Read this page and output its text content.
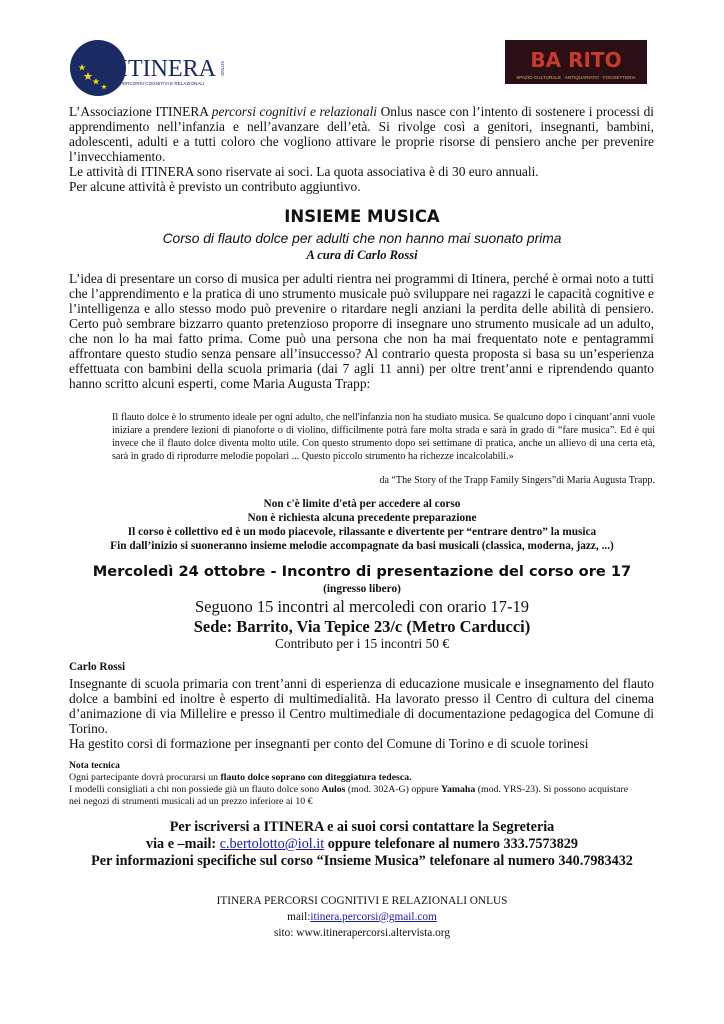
ITINERA
PERCORSI COGNITIVI E RELAZIONALI
ONLUS	BA RITO
SPAZIO CULTURALE · ANTIQUARIATO · FOGGETTERIA
L’Associazione ITINERA percorsi cognitivi e relazionali Onlus nasce con l’intento di sostenere i processi di apprendimento nell’infanzia e nell’avanzare dell’età. Si rivolge così a genitori, insegnanti, bambini, adolescenti, adulti e a tutti coloro che vogliono attivare le proprie risorse di pensiero anche per prevenire l’invecchiamento.
Le attività di ITINERA sono riservate ai soci. La quota associativa è di 30 euro annuali.
Per alcune attività è previsto un contributo aggiuntivo.
INSIEME MUSICA
Corso di flauto dolce per adulti che non hanno mai suonato prima
A cura di Carlo Rossi
L’idea di presentare un corso di musica per adulti rientra nei programmi di Itinera, perché è ormai noto a tutti che l’apprendimento e la pratica di uno strumento musicale può sviluppare nei ragazzi le capacità cognitive e l’intelligenza e allo stesso modo può prevenire o ritardare negli anziani la perdita delle abilità di pensiero. Certo può sembrare bizzarro quanto pretenzioso proporre di insegnare uno strumento musicale ad un adulto, che non lo ha mai fatto prima. Come può una persona che non ha mai frequentato note e pentagrammi affrontare questo studio senza pensare all’insuccesso? Al contrario questa proposta si basa su un’esperienza effettuata con bambini della scuola primaria (dai 7 agli 11 anni) per oltre trent’anni e riprendendo quanto hanno scritto alcuni esperti, come Maria Augusta Trapp:
Il flauto dolce è lo strumento ideale per ogni adulto, che nell'infanzia non ha studiato musica. Se qualcuno dopo i cinquant’anni vuole iniziare a prendere lezioni di pianoforte o di violino, difficilmente potrà fare molta strada e sarà in grado di “fare musica”. Ed è qui invece che il flauto dolce diventa molto utile. Con questo strumento dopo sei settimane di pratica, anche un allievo di una certa età, sarà in grado di riprodurre melodie popolari ... Questo piccolo strumento ha richezze incalcolabili.»
da “The Story of the Trapp Family Singers”di Maria Augusta Trapp.
Non c'è limite d'età per accedere al corso
Non è richiesta alcuna precedente preparazione
Il corso è collettivo ed è un modo piacevole, rilassante e divertente per “entrare dentro” la musica
Fin dall’inizio si suoneranno insieme melodie accompagnate da basi musicali (classica, moderna, jazz, ...)
Mercoledì 24 ottobre - Incontro di presentazione del corso ore 17
(ingresso libero)
Seguono 15 incontri al mercoledi con orario 17-19
Sede: Barrito, Via Tepice 23/c (Metro Carducci)
Contributo per i 15 incontri 50 €
Carlo Rossi
Insegnante di scuola primaria con trent’anni di esperienza di educazione musicale e insegnamento del flauto dolce a bambini ed inoltre è esperto di multimedialità. Ha lavorato presso il Centro di cultura del cinema d’animazione di via Millelire e presso il Centro multimediale di documentazione pedagogica del Comune di Torino.
Ha gestito corsi di formazione per insegnanti per conto del Comune di Torino e di scuole torinesi
Nota tecnica
Ogni partecipante dovrà procurarsi un flauto dolce soprano con diteggiatura tedesca.
I modelli consigliati a chi non possiede già un flauto dolce sono Aulos (mod. 302A-G) oppure Yamaha (mod. YRS-23). Si possono acquistare nei negozi di strumenti musicali ad un prezzo inferiore ai 10 €
Per iscriversi a ITINERA e ai suoi corsi contattare la Segreteria
via e –mail: c.bertolotto@iol.it oppure telefonare al numero 333.7573829
Per informazioni specifiche sul corso “Insieme Musica” telefonare al numero 340.7983432
ITINERA PERCORSI COGNITIVI E RELAZIONALI ONLUS
mail:itinera.percorsi@gmail.com
sito: www.itinerapercorsi.altervista.org
